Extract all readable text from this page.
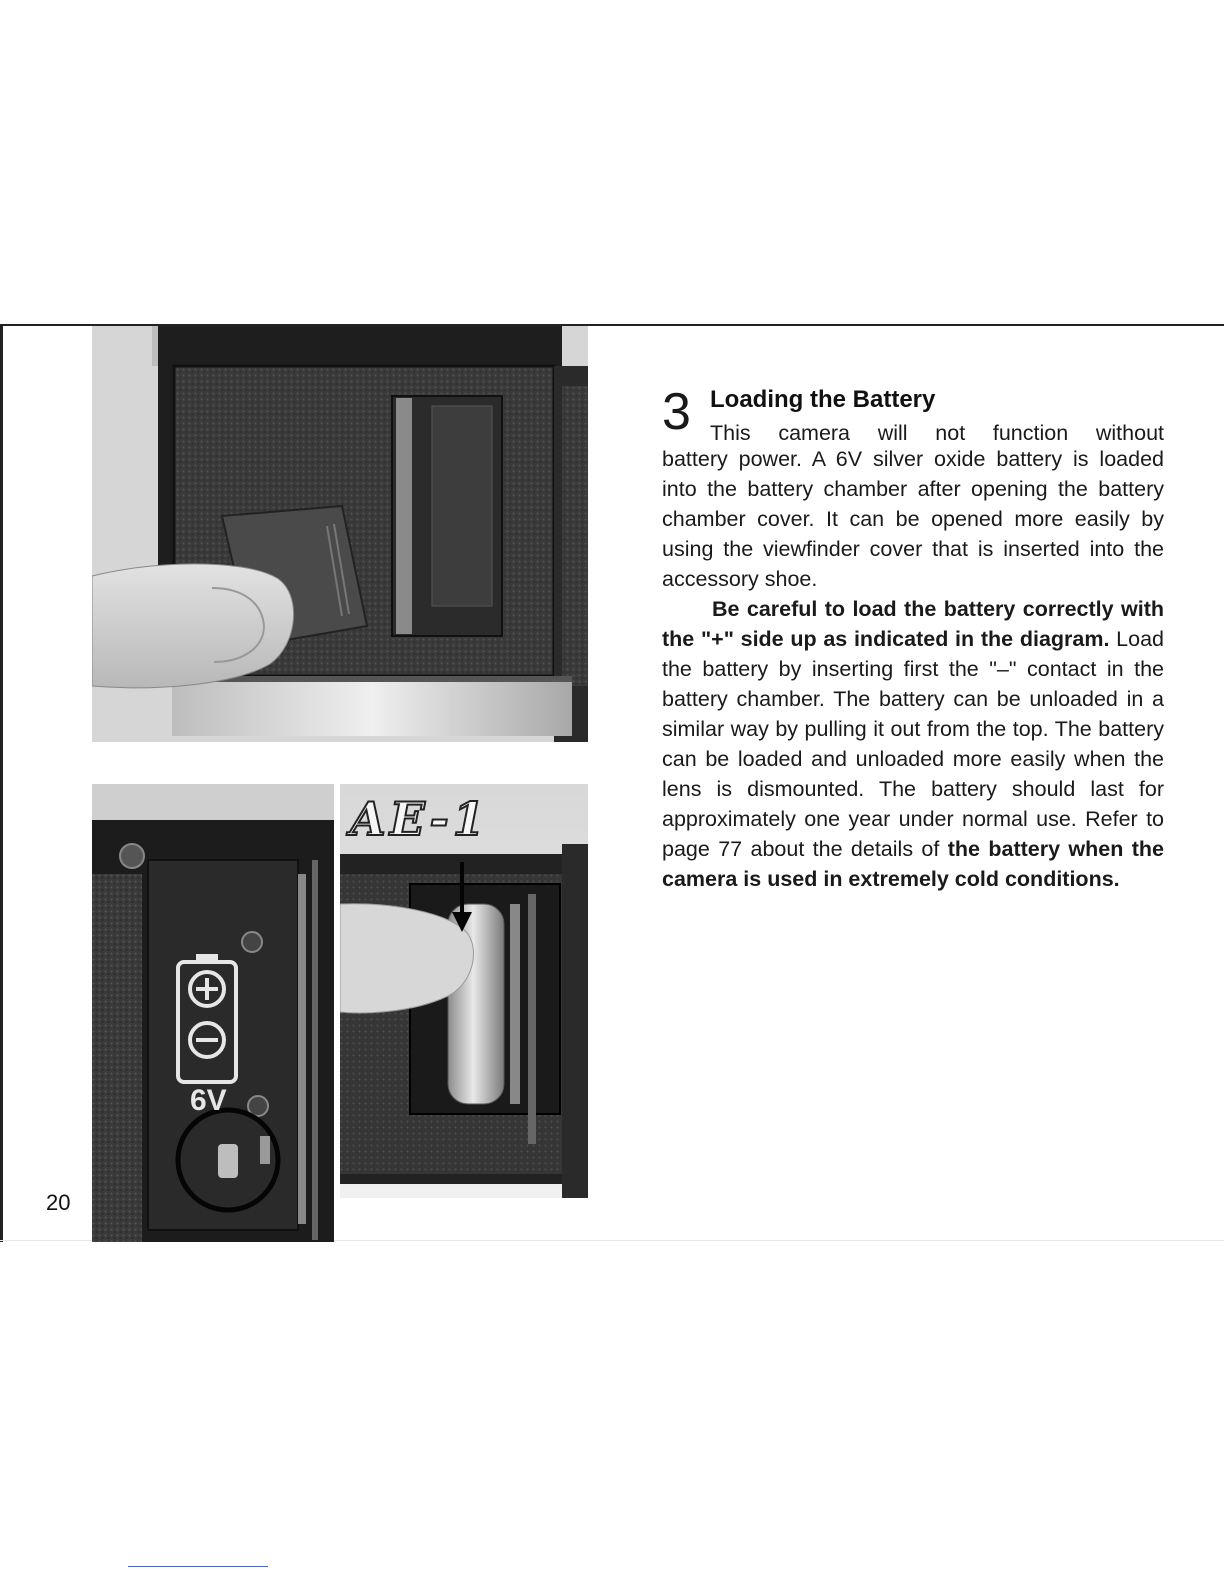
6V
AE-1
3 Loading the Battery
This camera will not function without

battery power. A 6V silver oxide battery is loaded into the battery chamber after opening the battery chamber cover. It can be opened more easily by using the viewfinder cover that is inserted into the accessory shoe.

Be careful to load the battery correctly with the "+" side up as indicated in the diagram. Load the battery by inserting first the "–" contact in the battery chamber. The battery can be unloaded in a similar way by pulling it out from the top. The battery can be loaded and unloaded more easily when the lens is dismounted. The battery should last for approximately one year under normal use. Refer to page 77 about the details of the battery when the camera is used in extremely cold conditions.

20
